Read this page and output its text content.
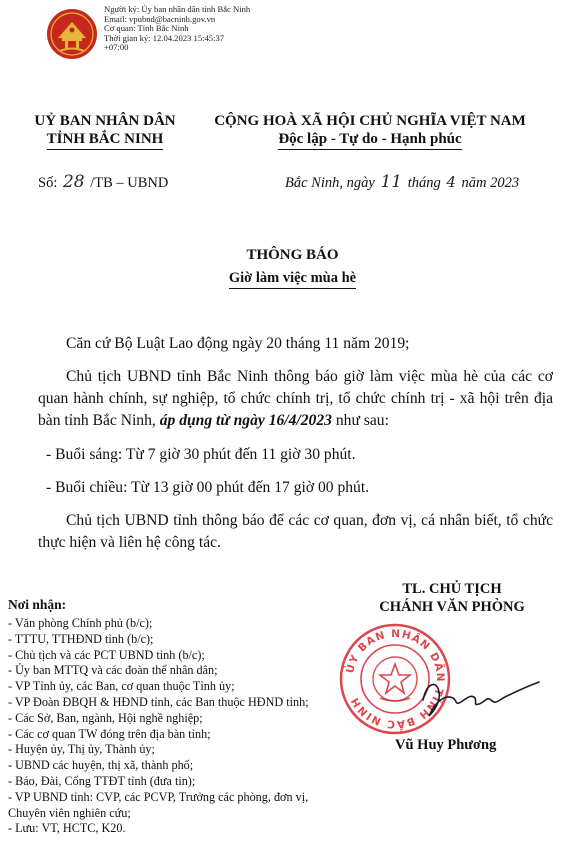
Người ký: Ủy ban nhân dân tỉnh Bắc Ninh
Email: vpubnd@bacninh.gov.vn
Cơ quan: Tỉnh Bắc Ninh
Thời gian ký: 12.04.2023 15:45:37
+07:00
UỶ BAN NHÂN DÂN
TỈNH BẮC NINH
CỘNG HOÀ XÃ HỘI CHỦ NGHĨA VIỆT NAM
Độc lập - Tự do - Hạnh phúc
Số: 28 /TB – UBND	Bắc Ninh, ngày 11 tháng 4 năm 2023
THÔNG BÁO
Giờ làm việc mùa hè
Căn cứ Bộ Luật Lao động ngày 20 tháng 11 năm 2019;
Chủ tịch UBND tỉnh Bắc Ninh thông báo giờ làm việc mùa hè của các cơ quan hành chính, sự nghiệp, tổ chức chính trị, tổ chức chính trị - xã hội trên địa bàn tỉnh Bắc Ninh, áp dụng từ ngày 16/4/2023 như sau:
- Buổi sáng: Từ 7 giờ 30 phút đến 11 giờ 30 phút.
- Buổi chiều: Từ 13 giờ 00 phút đến 17 giờ 00 phút.
Chủ tịch UBND tỉnh thông báo để các cơ quan, đơn vị, cá nhân biết, tổ chức thực hiện và liên hệ công tác.
Nơi nhận:
- Văn phòng Chính phủ (b/c);
- TTTU, TTHĐND tỉnh (b/c);
- Chủ tịch và các PCT UBND tỉnh (b/c);
- Ủy ban MTTQ và các đoàn thể nhân dân;
- VP Tỉnh ủy, các Ban, cơ quan thuộc Tỉnh ủy;
- VP Đoàn ĐBQH & HĐND tỉnh, các Ban thuộc HĐND tỉnh;
- Các Sở, Ban, ngành, Hội nghề nghiệp;
- Các cơ quan TW đóng trên địa bàn tỉnh;
- Huyện ủy, Thị ủy, Thành ủy;
- UBND các huyện, thị xã, thành phố;
- Báo, Đài, Cổng TTĐT tỉnh (đưa tin);
- VP UBND tỉnh: CVP, các PCVP, Trưởng các phòng, đơn vị, Chuyên viên nghiên cứu;
- Lưu: VT, HCTC, K20.
TL. CHỦ TỊCH
CHÁNH VĂN PHÒNG
ỦY BAN NHÂN DÂN TỈNH BẮC NINH
Vũ Huy Phương
